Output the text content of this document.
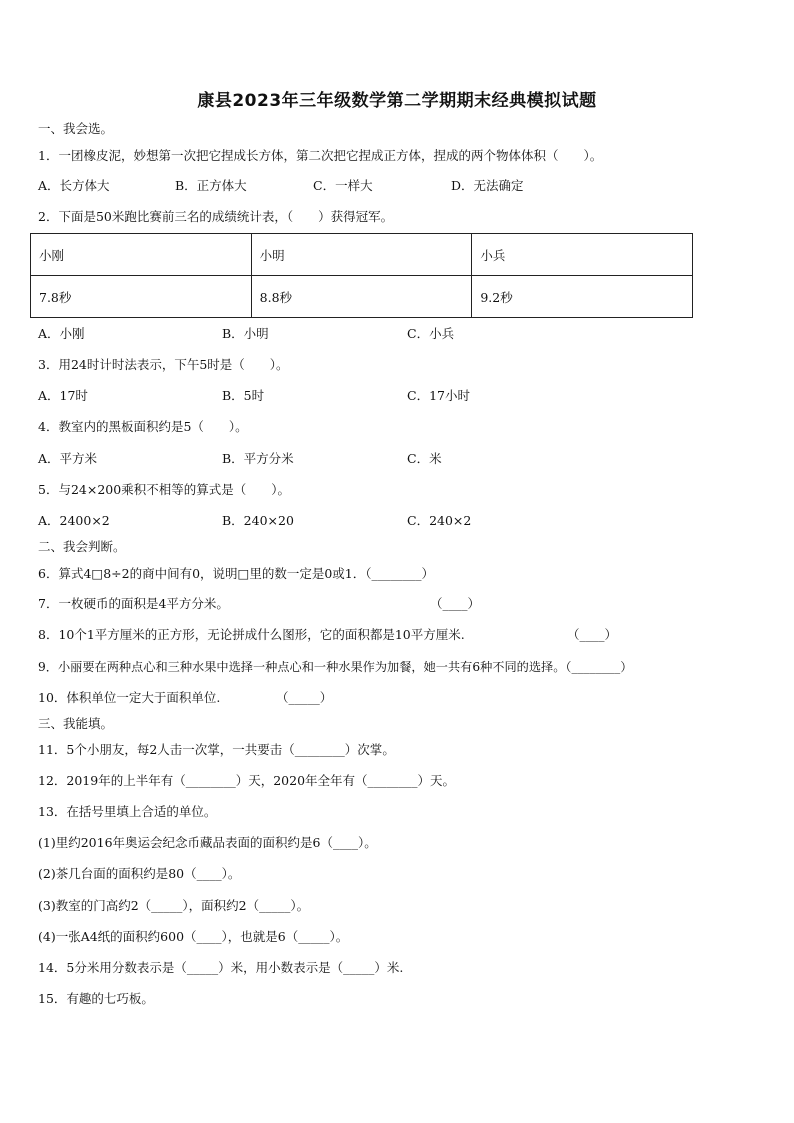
康县2023年三年级数学第二学期期末经典模拟试题
一、我会选。
1．一团橡皮泥，妙想第一次把它捏成长方体，第二次把它捏成正方体，捏成的两个物体体积（　　）。
A．长方体大	B．正方体大	C．一样大	D．无法确定
2．下面是50米跑比赛前三名的成绩统计表，（　　）获得冠军。
小刚	小明	小兵
7.8秒	8.8秒	9.2秒
A．小刚	B．小明	C．小兵
3．用24时计时法表示，下午5时是（　　）。
A．17时	B．5时	C．17小时
4．教室内的黑板面积约是5（　　）。
A．平方米	B．平方分米	C．米
5．与24×200乘积不相等的算式是（　　）。
A．2400×2	B．240×20	C．240×2
二、我会判断。
6．算式4□8÷2的商中间有0，说明□里的数一定是0或1．（________）
7．一枚硬币的面积是4平方分米。	（____）
8．10个1平方厘米的正方形，无论拼成什么图形，它的面积都是10平方厘米.	（____）
9．小丽要在两种点心和三种水果中选择一种点心和一种水果作为加餐，她一共有6种不同的选择。（________）
10．体积单位一定大于面积单位.	（_____）
三、我能填。
11．5个小朋友，每2人击一次掌，一共要击（________）次掌。
12．2019年的上半年有（________）天，2020年全年有（________）天。
13．在括号里填上合适的单位。
(1)里约2016年奥运会纪念币藏品表面的面积约是6（____）。
(2)茶几台面的面积约是80（____）。
(3)教室的门高约2（_____），面积约2（_____）。
(4)一张A4纸的面积约600（____），也就是6（_____）。
14．5分米用分数表示是（_____）米，用小数表示是（_____）米.
15．有趣的七巧板。
